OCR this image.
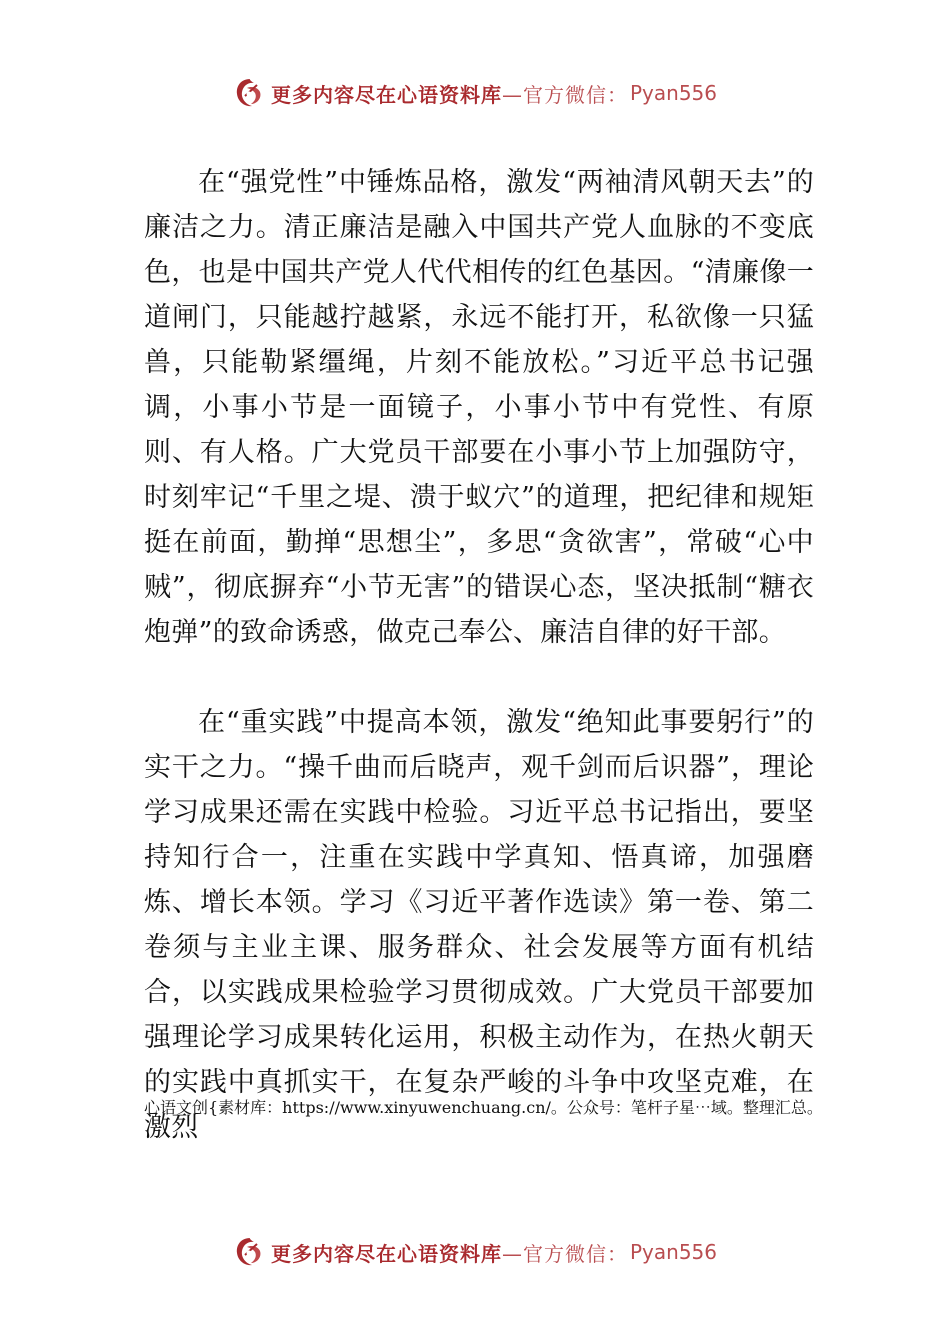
更多内容尽在心语资料库 —官方微信： Pyan556

在“强党性”中锤炼品格，激发“两袖清风朝天去”的廉洁之力。清正廉洁是融入中国共产党人血脉的不变底色，也是中国共产党人代代相传的红色基因。“清廉像一道闸门，只能越拧越紧，永远不能打开，私欲像一只猛兽，只能勒紧缰绳，片刻不能放松。”习近平总书记强调，小事小节是一面镜子，小事小节中有党性、有原则、有人格。广大党员干部要在小事小节上加强防守，时刻牢记“千里之堤、溃于蚁穴”的道理，把纪律和规矩挺在前面，勤掸“思想尘”，多思“贪欲害”，常破“心中贼”，彻底摒弃“小节无害”的错误心态，坚决抵制“糖衣炮弹”的致命诱惑，做克己奉公、廉洁自律的好干部。

在“重实践”中提高本领，激发“绝知此事要躬行”的实干之力。“操千曲而后晓声，观千剑而后识器”，理论学习成果还需在实践中检验。习近平总书记指出，要坚持知行合一，注重在实践中学真知、悟真谛，加强磨炼、增长本领。学习《习近平著作选读》第一卷、第二卷须与主业主课、服务群众、社会发展等方面有机结合，以实践成果检验学习贯彻成效。广大党员干部要加强理论学习成果转化运用，积极主动作为，在热火朝天的实践中真抓实干，在复杂严峻的斗争中攻坚克难，在激烈

心语文创{素材库：https://www.xinyuwenchuang.cn/。公众号：笔杆子星⋯域。整理汇总。
更多内容尽在心语资料库 —官方微信： Pyan556
